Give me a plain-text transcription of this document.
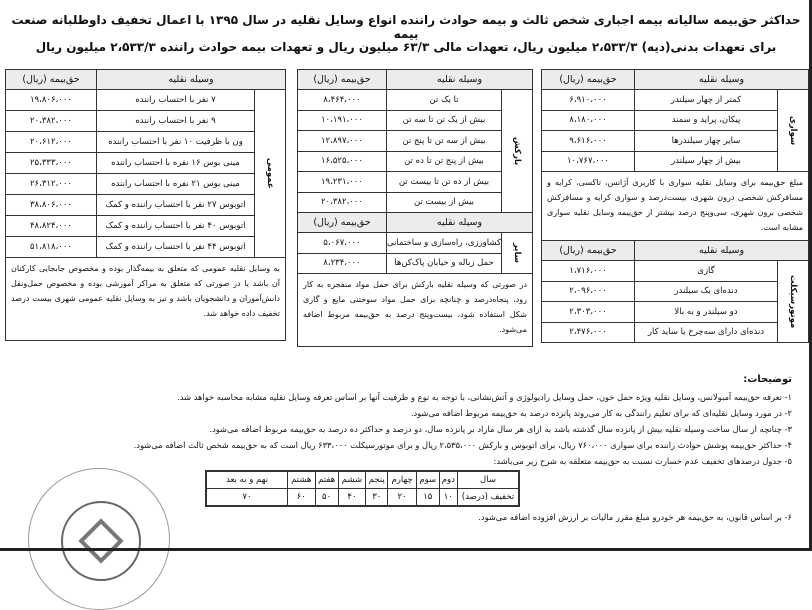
حداکثر حق‌بیمه سالیانه بیمه اجباری شخص ثالث و بیمه حوادث راننده انواع وسایل نقلیه در سال ۱۳۹۵ با اعمال تخفیف داوطلبانه صنعت بیمه
برای تعهدات بدنی(دیه) ۲،۵۳۳/۳ میلیون ریال، تعهدات مالی ۶۳/۳ میلیون ریال و تعهدات بیمه حوادث راننده ۲،۵۳۳/۳ میلیون ریال
وسیله نقلیه		حق‌بیمه (ریال)
سواری	کمتر از چهار سیلندر	۶،۹۱۰،۰۰۰
	پیکان، پراید و سمند	۸،۱۸۰،۰۰۰
	سایر چهار سیلندرها	۹،۶۱۶،۰۰۰
	بیش از چهار سیلندر	۱۰،۷۶۷،۰۰۰
مبلغ حق‌بیمه برای وسایل نقلیه سواری با کاربری آژانس، تاکسی، کرایه و مسافرکش شخصی درون شهری، بیست‌درصد و سواری کرایه و مسافرکش شخصی برون شهری، سی‌وپنج درصد بیشتر از حق‌بیمه وسایل نقلیه سواری مشابه است.		
وسیله نقلیه		حق‌بیمه (ریال)
موتورسیکلت	گازی	۱،۷۱۶،۰۰۰
	دنده‌ای یک سیلندر	۲،۰۹۶،۰۰۰
	دو سیلندر و به بالا	۲،۳۰۳،۰۰۰
	دنده‌ای دارای سه‌چرخ یا ساید کار	۲،۴۷۶،۰۰۰
وسیله نقلیه		حق‌بیمه (ریال)
بارکش	تا یک تن	۸،۴۶۴،۰۰۰
	بیش از یک تن تا سه تن	۱۰،۱۹۱،۰۰۰
	بیش از سه تن تا پنج تن	۱۲،۸۹۷،۰۰۰
	بیش از پنج تن تا ده تن	۱۶،۵۲۵،۰۰۰
	بیش از ده تن تا بیست تن	۱۹،۲۳۱،۰۰۰
	بیش از بیست تن	۲۰،۳۸۲،۰۰۰
وسیله نقلیه		حق‌بیمه (ریال)
سایر	کشاورزی، راه‌سازی و ساختمانی	۵،۰۶۷،۰۰۰
	حمل زباله و خیابان پاک‌کن‌ها	۸،۲۳۴،۰۰۰
در صورتی که وسیله نقلیه بارکش برای حمل مواد منفجره به کار رود، پنجاه‌درصد و چنانچه برای حمل مواد سوختنی مایع و گازی شکل استفاده شود، بیست‌وپنج درصد به حق‌بیمه مربوط اضافه می‌شود.		
وسیله نقلیه		حق‌بیمه (ریال)
عمومی	۷ نفر با احتساب راننده	۱۹،۸۰۶،۰۰۰
	۹ نفر با احتساب راننده	۲۰،۳۸۲،۰۰۰
	ون با ظرفیت ۱۰ نفر با احتساب راننده	۲۰،۶۱۲،۰۰۰
	مینی بوس ۱۶ نفره با احتساب راننده	۲۵،۳۳۳،۰۰۰
	مینی بوس ۲۱ نفره با احتساب راننده	۲۶،۳۱۲،۰۰۰
	اتوبوس ۲۷ نفر با احتساب راننده و کمک	۳۸،۸۰۶،۰۰۰
	اتوبوس ۴۰ نفر با احتساب راننده و کمک	۴۸،۸۲۴،۰۰۰
	اتوبوس ۴۴ نفر با احتساب راننده و کمک	۵۱،۸۱۸،۰۰۰
به وسایل نقلیه عمومی که متعلق به بیمه‌گذار بوده و مخصوص جابجایی کارکنان آن باشد یا در صورتی که متعلق به مراکز آموزشی بوده و مخصوص حمل‌ونقل دانش‌آموزان و دانشجویان باشد و نیز به وسایل نقلیه عمومی شهری بیست درصد تخفیف داده خواهد شد.		
توضیحات:
۱- تعرفه حق‌بیمه آمبولانس، وسایل نقلیه ویژه حمل خون، حمل وسایل رادیولوژی و آتش‌نشانی، با توجه به نوع و ظرفیت آنها بر اساس تعرفه وسایل نقلیه مشابه محاسبه خواهد شد.
۲- در مورد وسایل نقلیه‌ای که برای تعلیم رانندگی به کار می‌روند پانزده درصد به حق‌بیمه مربوط اضافه می‌شود.
۳- چنانچه از سال ساخت وسیله نقلیه بیش از پانزده سال گذشته باشد به ازای هر سال مازاد بر پانزده سال، دو درصد و حداکثر ده درصد به حق‌بیمه مربوط اضافه می‌شود.
۴- حداکثر حق‌بیمه پوشش حوادث راننده برای سواری ۷۶۰،۰۰۰ ریال، برای اتوبوس و بارکش ۲،۵۳۵،۰۰۰ ریال و برای موتورسیکلت ۶۳۳،۰۰۰ ریال است که به حق‌بیمه شخص ثالث اضافه می‌شود.
۵- جدول درصدهای تخفیف عدم خسارت نسبت به حق‌بیمه متعلقه به شرح زیر می‌باشد:
سال	دوم	سوم	چهارم	پنجم	ششم	هفتم	هشتم	نهم و به بعد
تخفیف (درصد)	۱۰	۱۵	۲۰	۳۰	۴۰	۵۰	۶۰	۷۰
۶- بر اساس قانون، به حق‌بیمه هر خودرو مبلغ مقرر مالیات بر ارزش افزوده اضافه می‌شود.
